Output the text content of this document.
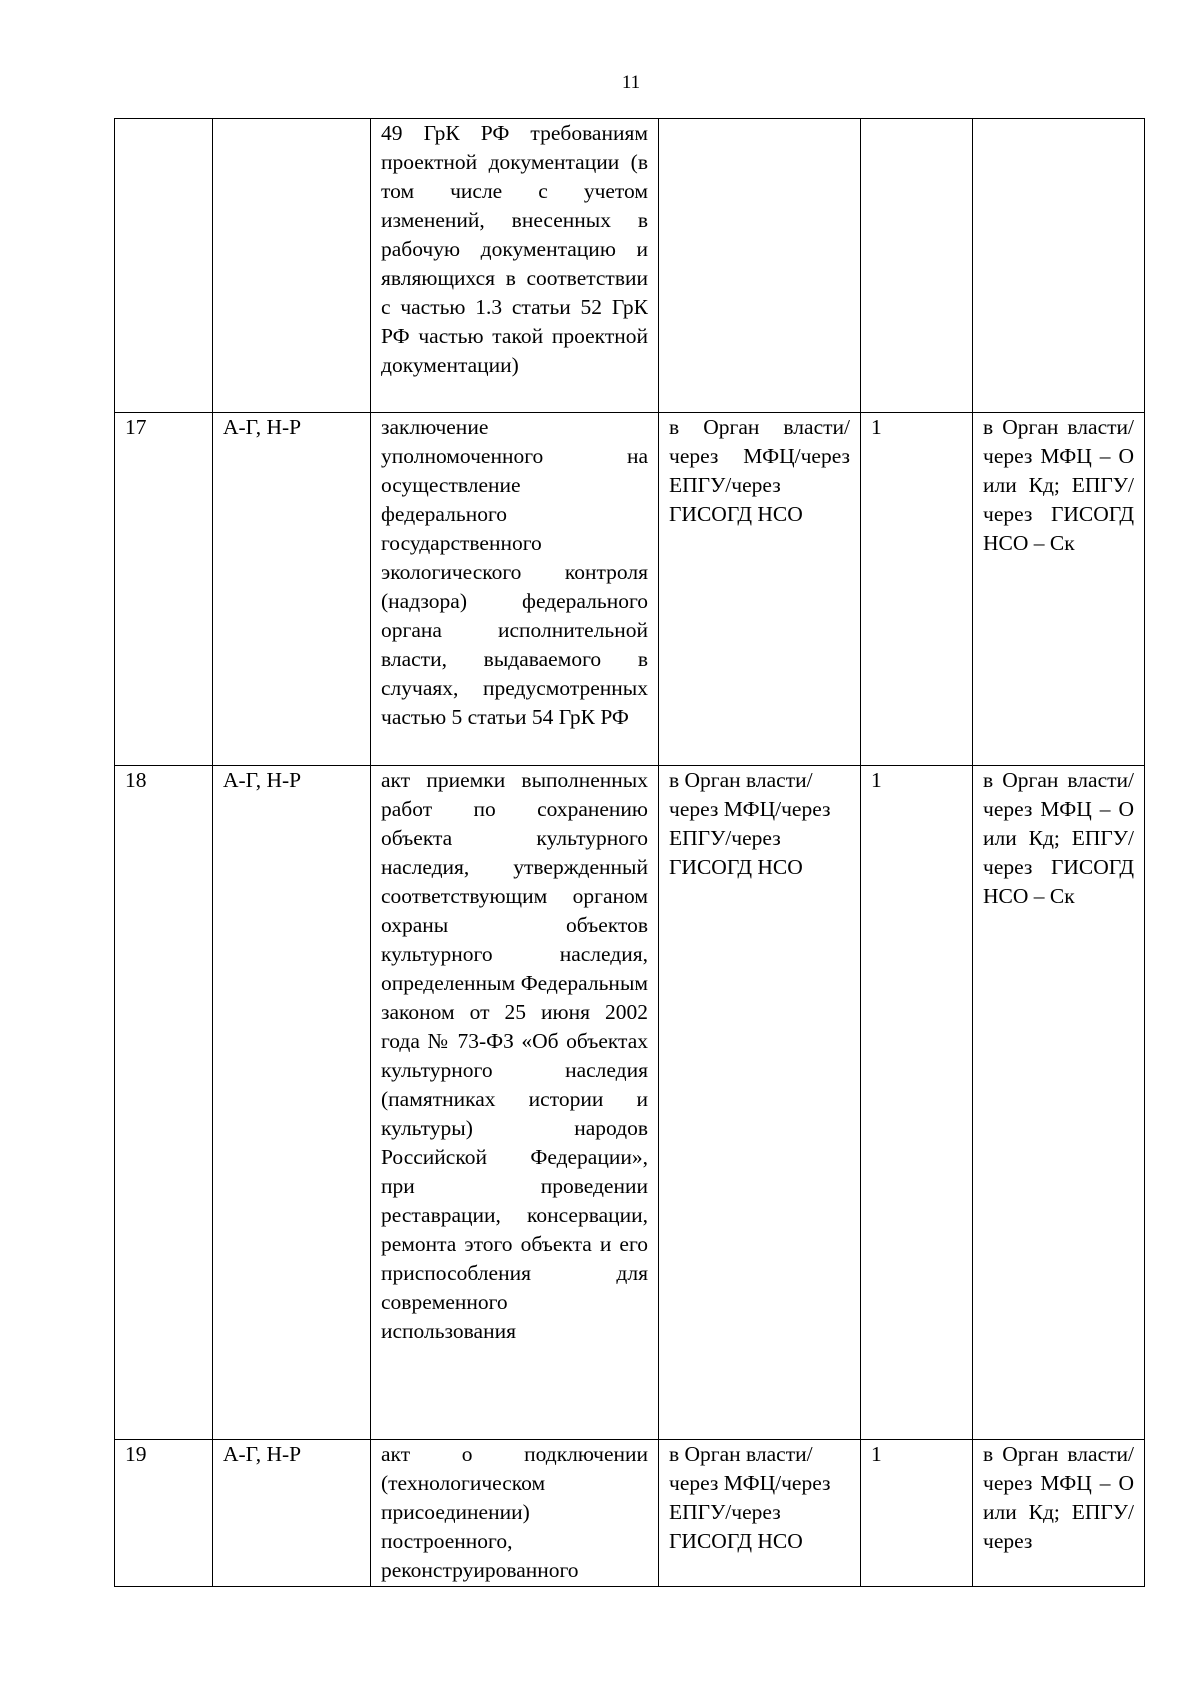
11
		49 ГрК РФ требованиям проектной документации (в том числе с учетом изменений, внесенных в рабочую документацию и являющихся в соответствии с частью 1.3 статьи 52 ГрК РФ частью такой проектной документации)			
17	А-Г, Н-Р	заключение уполномоченного на осуществление федерального государственного экологического контроля (надзора) федерального органа исполнительной власти, выдаваемого в случаях, предусмотренных частью 5 статьи 54 ГрК РФ	в Орган власти/через МФЦ/через ЕПГУ/через ГИСОГД НСО	1	в Орган власти/через МФЦ – О или Кд; ЕПГУ/через ГИСОГД НСО – Ск
18	А-Г, Н-Р	акт приемки выполненных работ по сохранению объекта культурного наследия, утвержденный соответствующим органом охраны объектов культурного наследия, определенным Федеральным законом от 25 июня 2002 года № 73-ФЗ «Об объектах культурного наследия (памятниках истории и культуры) народов Российской Федерации», при проведении реставрации, консервации, ремонта этого объекта и его приспособления для современного использования	в Орган власти/через МФЦ/через ЕПГУ/через ГИСОГД НСО	1	в Орган власти/через МФЦ – О или Кд; ЕПГУ/через ГИСОГД НСО – Ск
19	А-Г, Н-Р	акт о подключении (технологическом присоединении) построенного, реконструированного	в Орган власти/через МФЦ/через ЕПГУ/через ГИСОГД НСО	1	в Орган власти/через МФЦ – О или Кд; ЕПГУ/через
